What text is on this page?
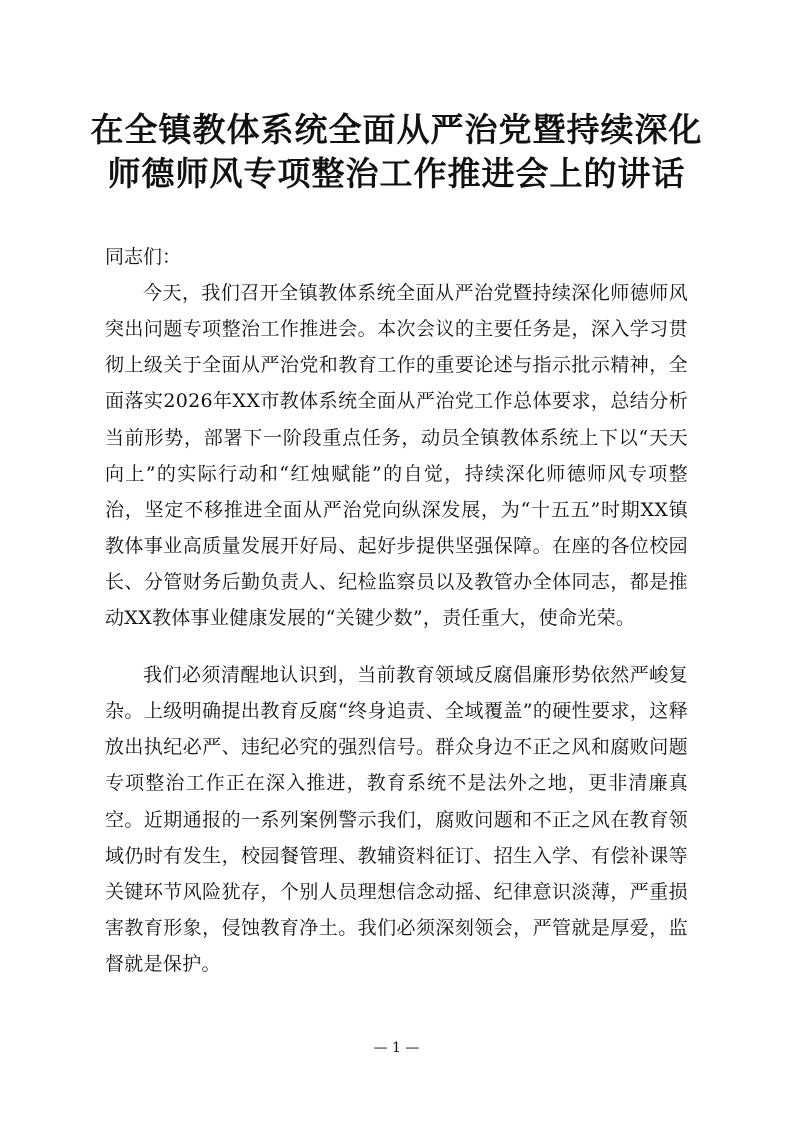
在全镇教体系统全面从严治党暨持续深化
师德师风专项整治工作推进会上的讲话

同志们：

今天，我们召开全镇教体系统全面从严治党暨持续深化师德师风突出问题专项整治工作推进会。本次会议的主要任务是，深入学习贯彻上级关于全面从严治党和教育工作的重要论述与指示批示精神，全面落实2026年XX市教体系统全面从严治党工作总体要求，总结分析当前形势，部署下一阶段重点任务，动员全镇教体系统上下以“天天向上”的实际行动和“红烛赋能”的自觉，持续深化师德师风专项整治，坚定不移推进全面从严治党向纵深发展，为“十五五”时期XX镇教体事业高质量发展开好局、起好步提供坚强保障。在座的各位校园长、分管财务后勤负责人、纪检监察员以及教管办全体同志，都是推动XX教体事业健康发展的“关键少数”，责任重大，使命光荣。

我们必须清醒地认识到，当前教育领域反腐倡廉形势依然严峻复杂。上级明确提出教育反腐“终身追责、全域覆盖”的硬性要求，这释放出执纪必严、违纪必究的强烈信号。群众身边不正之风和腐败问题专项整治工作正在深入推进，教育系统不是法外之地，更非清廉真空。近期通报的一系列案例警示我们，腐败问题和不正之风在教育领域仍时有发生，校园餐管理、教辅资料征订、招生入学、有偿补课等关键环节风险犹存，个别人员理想信念动摇、纪律意识淡薄，严重损害教育形象，侵蚀教育净土。我们必须深刻领会，严管就是厚爱，监督就是保护。

— 1 —
